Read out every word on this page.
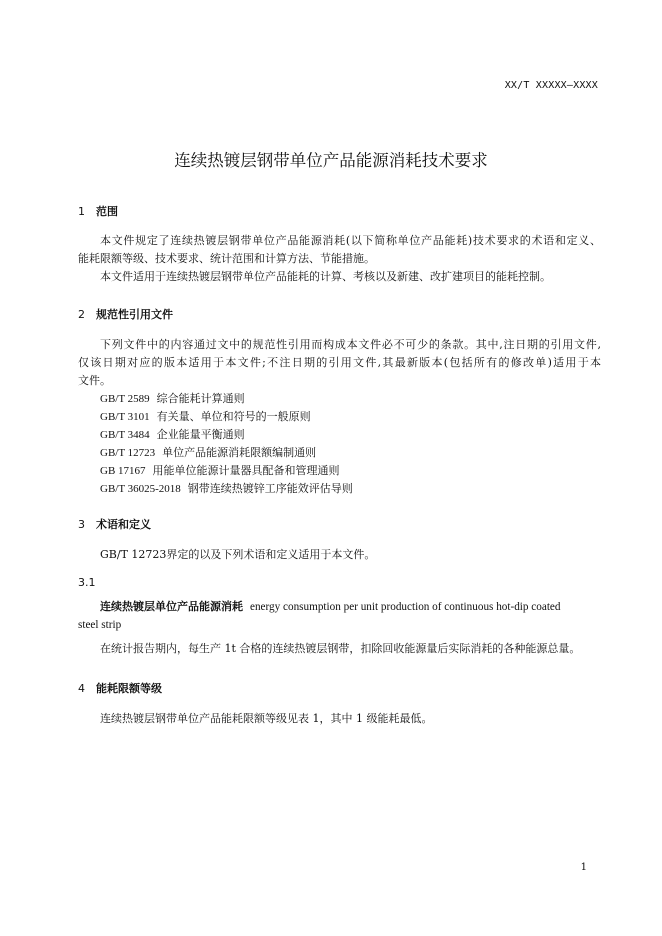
XX/T XXXXX—XXXX
连续热镀层钢带单位产品能源消耗技术要求
1 范围
本文件规定了连续热镀层钢带单位产品能源消耗(以下简称单位产品能耗)技术要求的术语和定义、
能耗限额等级、技术要求、统计范围和计算方法、节能措施。
本文件适用于连续热镀层钢带单位产品能耗的计算、考核以及新建、改扩建项目的能耗控制。
2 规范性引用文件
下列文件中的内容通过文中的规范性引用而构成本文件必不可少的条款。其中,注日期的引用文件,
仅该日期对应的版本适用于本文件;不注日期的引用文件,其最新版本(包括所有的修改单)适用于本
文件。
GB/T 2589 综合能耗计算通则
GB/T 3101 有关量、单位和符号的一般原则
GB/T 3484 企业能量平衡通则
GB/T 12723 单位产品能源消耗限额编制通则
GB 17167 用能单位能源计量器具配备和管理通则
GB/T 36025-2018 钢带连续热镀锌工序能效评估导则
3 术语和定义
GB/T 12723界定的以及下列术语和定义适用于本文件。
3.1
连续热镀层单位产品能源消耗 energy consumption per unit production of continuous hot-dip coated
steel strip
在统计报告期内，每生产 1t 合格的连续热镀层钢带，扣除回收能源量后实际消耗的各种能源总量。
4 能耗限额等级
连续热镀层钢带单位产品能耗限额等级见表 1，其中 1 级能耗最低。
1
